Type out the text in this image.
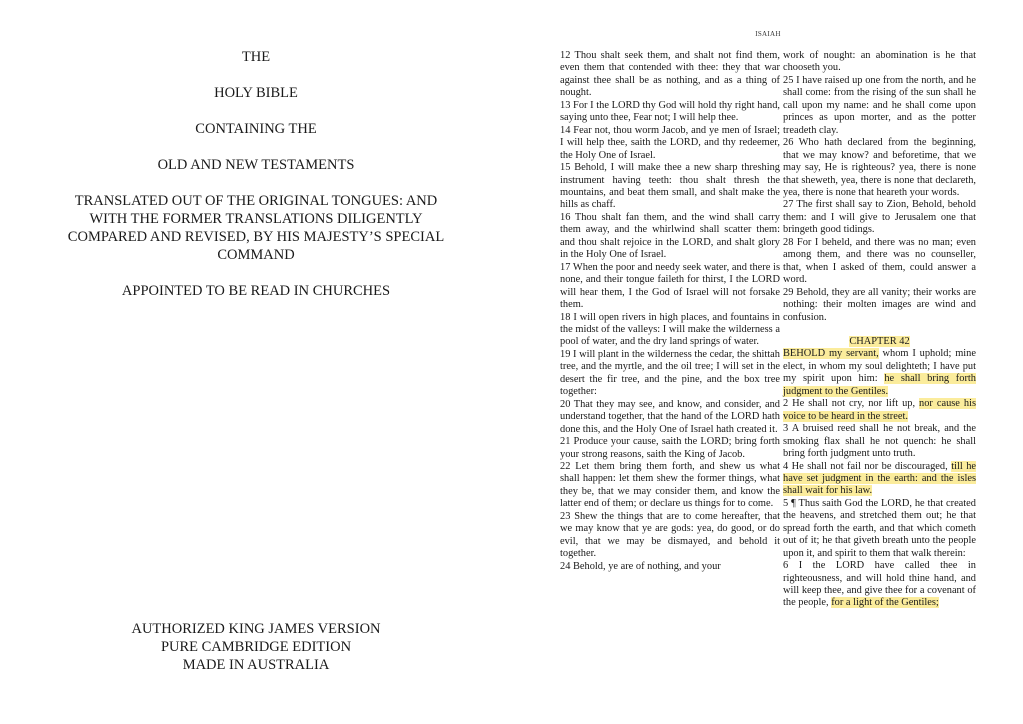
THE
HOLY BIBLE
CONTAINING THE
OLD AND NEW TESTAMENTS
TRANSLATED OUT OF THE ORIGINAL TONGUES: AND
WITH THE FORMER TRANSLATIONS DILIGENTLY
COMPARED AND REVISED, BY HIS MAJESTY’S SPECIAL
COMMAND
APPOINTED TO BE READ IN CHURCHES
AUTHORIZED KING JAMES VERSION
PURE CAMBRIDGE EDITION
MADE IN AUSTRALIA
ISAIAH

12 Thou shalt seek them, and shalt not find them, even them that contended with thee: they that war against thee shall be as nothing, and as a thing of nought.

13 For I the LORD thy God will hold thy right hand, saying unto thee, Fear not; I will help thee.

14 Fear not, thou worm Jacob, and ye men of Israel; I will help thee, saith the LORD, and thy redeemer, the Holy One of Israel.

15 Behold, I will make thee a new sharp threshing instrument having teeth: thou shalt thresh the mountains, and beat them small, and shalt make the hills as chaff.

16 Thou shalt fan them, and the wind shall carry them away, and the whirlwind shall scatter them: and thou shalt rejoice in the LORD, and shalt glory in the Holy One of Israel.

17 When the poor and needy seek water, and there is none, and their tongue faileth for thirst, I the LORD will hear them, I the God of Israel will not forsake them.

18 I will open rivers in high places, and fountains in the midst of the valleys: I will make the wilderness a pool of water, and the dry land springs of water.

19 I will plant in the wilderness the cedar, the shittah tree, and the myrtle, and the oil tree; I will set in the desert the fir tree, and the pine, and the box tree together:

20 That they may see, and know, and consider, and understand together, that the hand of the LORD hath done this, and the Holy One of Israel hath created it.

21 Produce your cause, saith the LORD; bring forth your strong reasons, saith the King of Jacob.

22 Let them bring them forth, and shew us what shall happen: let them shew the former things, what they be, that we may consider them, and know the latter end of them; or declare us things for to come.

23 Shew the things that are to come hereafter, that we may know that ye are gods: yea, do good, or do evil, that we may be dismayed, and behold it together.

24 Behold, ye are of nothing, and your

work of nought: an abomination is he that chooseth you.

25 I have raised up one from the north, and he shall come: from the rising of the sun shall he call upon my name: and he shall come upon princes as upon morter, and as the potter treadeth clay.

26 Who hath declared from the beginning, that we may know? and beforetime, that we may say, He is righteous? yea, there is none that sheweth, yea, there is none that declareth, yea, there is none that heareth your words.

27 The first shall say to Zion, Behold, behold them: and I will give to Jerusalem one that bringeth good tidings.

28 For I beheld, and there was no man; even among them, and there was no counseller, that, when I asked of them, could answer a word.

29 Behold, they are all vanity; their works are nothing: their molten images are wind and confusion.

CHAPTER 42

BEHOLD my servant, whom I uphold; mine elect, in whom my soul delighteth; I have put my spirit upon him: he shall bring forth judgment to the Gentiles.

2 He shall not cry, nor lift up, nor cause his voice to be heard in the street.

3 A bruised reed shall he not break, and the smoking flax shall he not quench: he shall bring forth judgment unto truth.

4 He shall not fail nor be discouraged, till he have set judgment in the earth: and the isles shall wait for his law.

5 ¶ Thus saith God the LORD, he that created the heavens, and stretched them out; he that spread forth the earth, and that which cometh out of it; he that giveth breath unto the people upon it, and spirit to them that walk therein:

6 I the LORD have called thee in righteousness, and will hold thine hand, and will keep thee, and give thee for a covenant of the people, for a light of the Gentiles;
